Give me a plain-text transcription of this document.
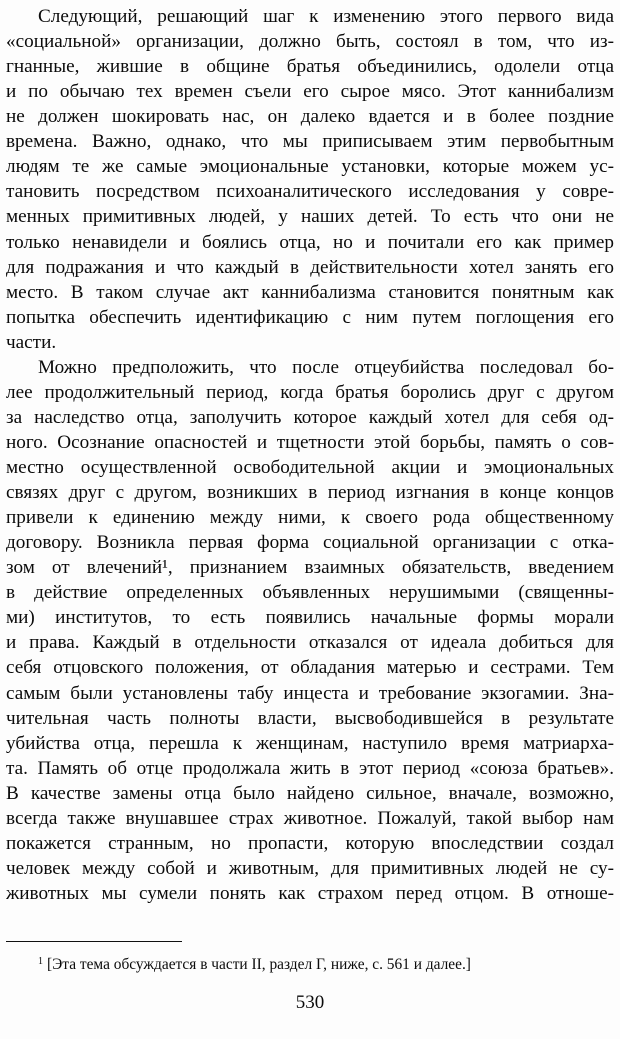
Следующий, решающий шаг к изменению этого первого вида
«социальной» организации, должно быть, состоял в том, что из-
гнанные, жившие в общине братья объединились, одолели отца
и по обычаю тех времен съели его сырое мясо. Этот каннибализм
не должен шокировать нас, он далеко вдается и в более поздние
времена. Важно, однако, что мы приписываем этим первобытным
людям те же самые эмоциональные установки, которые можем ус-
тановить посредством психоаналитического исследования у совре-
менных примитивных людей, у наших детей. То есть что они не
только ненавидели и боялись отца, но и почитали его как пример
для подражания и что каждый в действительности хотел занять его
место. В таком случае акт каннибализма становится понятным как
попытка обеспечить идентификацию с ним путем поглощения его
части.
Можно предположить, что после отцеубийства последовал бо-
лее продолжительный период, когда братья боролись друг с другом
за наследство отца, заполучить которое каждый хотел для себя од-
ного. Осознание опасностей и тщетности этой борьбы, память о сов-
местно осуществленной освободительной акции и эмоциональных
связях друг с другом, возникших в период изгнания в конце концов
привели к единению между ними, к своего рода общественному
договору. Возникла первая форма социальной организации с отка-
зом от влечений¹, признанием взаимных обязательств, введением
в действие определенных объявленных нерушимыми (священны-
ми) институтов, то есть появились начальные формы морали
и права. Каждый в отдельности отказался от идеала добиться для
себя отцовского положения, от обладания матерью и сестрами. Тем
самым были установлены табу инцеста и требование экзогамии. Зна-
чительная часть полноты власти, высвободившейся в результате
убийства отца, перешла к женщинам, наступило время матриарха-
та. Память об отце продолжала жить в этот период «союза братьев».
В качестве замены отца было найдено сильное, вначале, возможно,
всегда также внушавшее страх животное. Пожалуй, такой выбор нам
покажется странным, но пропасти, которую впоследствии создал
человек между собой и животным, для примитивных людей не су-
животных мы сумели понять как страхом перед отцом. В отноше-
$^1$ [Эта тема обсуждается в части II, раздел Г, ниже, с. 561 и далее.]
530
